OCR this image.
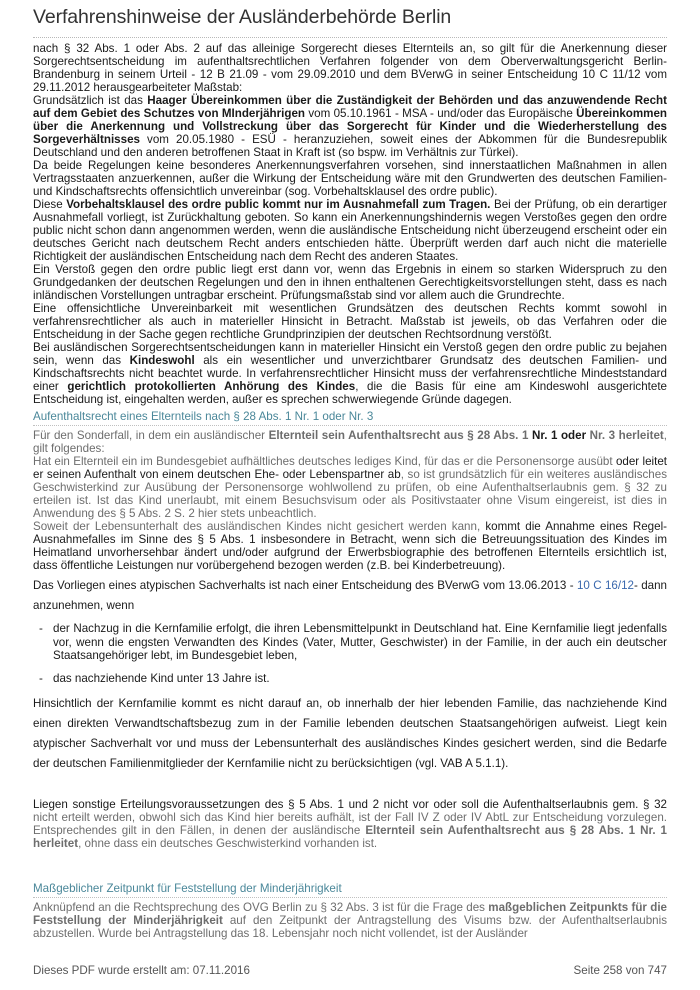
Verfahrenshinweise der Ausländerbehörde Berlin

nach § 32 Abs. 1 oder Abs. 2 auf das alleinige Sorgerecht dieses Elternteils an, so gilt für die Anerkennung dieser Sorgerechtsentscheidung im aufenthaltsrechtlichen Verfahren folgender von dem Oberverwaltungsgericht Berlin-Brandenburg in seinem Urteil - 12 B 21.09 - vom 29.09.2010 und dem BVerwG in seiner Entscheidung 10 C 11/12 vom 29.11.2012 herausgearbeiteter Maßstab:

Grundsätzlich ist das Haager Übereinkommen über die Zuständigkeit der Behörden und das anzuwendende Recht auf dem Gebiet des Schutzes von MInderjährigen vom 05.10.1961 - MSA - und/oder das Europäische Übereinkommen über die Anerkennung und Vollstreckung über das Sorgerecht für Kinder und die Wiederherstellung des Sorgeverhältnisses vom 20.05.1980 - ESÜ - heranzuziehen, soweit eines der Abkommen für die Bundesrepublik Deutschland und den anderen betroffenen Staat in Kraft ist (so bspw. im Verhältnis zur Türkei).

Da beide Regelungen keine besonderes Anerkennungsverfahren vorsehen, sind innerstaatlichen Maßnahmen in allen Vertragsstaaten anzuerkennen, außer die Wirkung der Entscheidung wäre mit den Grundwerten des deutschen Familien- und Kindschaftsrechts offensichtlich unvereinbar (sog. Vorbehaltsklausel des ordre public).

Diese Vorbehaltsklausel des ordre public kommt nur im Ausnahmefall zum Tragen. Bei der Prüfung, ob ein derartiger Ausnahmefall vorliegt, ist Zurückhaltung geboten. So kann ein Anerkennungshindernis wegen Verstoßes gegen den ordre public nicht schon dann angenommen werden, wenn die ausländische Entscheidung nicht überzeugend erscheint oder ein deutsches Gericht nach deutschem Recht anders entschieden hätte. Überprüft werden darf auch nicht die materielle Richtigkeit der ausländischen Entscheidung nach dem Recht des anderen Staates.

Ein Verstoß gegen den ordre public liegt erst dann vor, wenn das Ergebnis in einem so starken Widerspruch zu den Grundgedanken der deutschen Regelungen und den in ihnen enthaltenen Gerechtigkeitsvorstellungen steht, dass es nach inländischen Vorstellungen untragbar erscheint. Prüfungsmaßstab sind vor allem auch die Grundrechte.

Eine offensichtliche Unvereinbarkeit mit wesentlichen Grundsätzen des deutschen Rechts kommt sowohl in verfahrensrechtlicher als auch in materieller Hinsicht in Betracht. Maßstab ist jeweils, ob das Verfahren oder die Entscheidung in der Sache gegen rechtliche Grundprinzipien der deutschen Rechtsordnung verstößt.

Bei ausländischen Sorgerechtsentscheidungen kann in materieller Hinsicht ein Verstoß gegen den ordre public zu bejahen sein, wenn das Kindeswohl als ein wesentlicher und unverzichtbarer Grundsatz des deutschen Familien- und Kindschaftsrechts nicht beachtet wurde. In verfahrensrechtlicher Hinsicht muss der verfahrensrechtliche Mindeststandard einer gerichtlich protokollierten Anhörung des Kindes, die die Basis für eine am Kindeswohl ausgerichtete Entscheidung ist, eingehalten werden, außer es sprechen schwerwiegende Gründe dagegen.

Aufenthaltsrecht eines Elternteils nach § 28 Abs. 1 Nr. 1 oder Nr. 3

Für den Sonderfall, in dem ein ausländischer Elternteil sein Aufenthaltsrecht aus § 28 Abs. 1 Nr. 1 oder Nr. 3 herleitet, gilt folgendes:

Hat ein Elternteil ein im Bundesgebiet aufhältliches deutsches lediges Kind, für das er die Personensorge ausübt oder leitet er seinen Aufenthalt von einem deutschen Ehe- oder Lebenspartner ab, so ist grundsätzlich für ein weiteres ausländisches Geschwisterkind zur Ausübung der Personensorge wohlwollend zu prüfen, ob eine Aufenthaltserlaubnis gem. § 32 zu erteilen ist. Ist das Kind unerlaubt, mit einem Besuchsvisum oder als Positivstaater ohne Visum eingereist, ist dies in Anwendung des § 5 Abs. 2 S. 2 hier stets unbeachtlich.

Soweit der Lebensunterhalt des ausländischen Kindes nicht gesichert werden kann, kommt die Annahme eines Regel-Ausnahmefalles im Sinne des § 5 Abs. 1 insbesondere in Betracht, wenn sich die Betreuungssituation des Kindes im Heimatland unvorhersehbar ändert und/oder aufgrund der Erwerbsbiographie des betroffenen Elternteils ersichtlich ist, dass öffentliche Leistungen nur vorübergehend bezogen werden (z.B. bei Kinderbetreuung).

Das Vorliegen eines atypischen Sachverhalts ist nach einer Entscheidung des BVerwG vom 13.06.2013 - 10 C 16/12- dann anzunehmen, wenn

- der Nachzug in die Kernfamilie erfolgt, die ihren Lebensmittelpunkt in Deutschland hat. Eine Kernfamilie liegt jedenfalls vor, wenn die engsten Verwandten des Kindes (Vater, Mutter, Geschwister) in der Familie, in der auch ein deutscher Staatsangehöriger lebt, im Bundesgebiet leben,
- das nachziehende Kind unter 13 Jahre ist.

Hinsichtlich der Kernfamilie kommt es nicht darauf an, ob innerhalb der hier lebenden Familie, das nachziehende Kind einen direkten Verwandtschaftsbezug zum in der Familie lebenden deutschen Staatsangehörigen aufweist. Liegt kein atypischer Sachverhalt vor und muss der Lebensunterhalt des ausländisches Kindes gesichert werden, sind die Bedarfe der deutschen Familienmitglieder der Kernfamilie nicht zu berücksichtigen (vgl. VAB A 5.1.1).

Liegen sonstige Erteilungsvoraussetzungen des § 5 Abs. 1 und 2 nicht vor oder soll die Aufenthaltserlaubnis gem. § 32 nicht erteilt werden, obwohl sich das Kind hier bereits aufhält, ist der Fall IV Z oder IV AbtL zur Entscheidung vorzulegen. Entsprechendes gilt in den Fällen, in denen der ausländische Elternteil sein Aufenthaltsrecht aus § 28 Abs. 1 Nr. 1 herleitet, ohne dass ein deutsches Geschwisterkind vorhanden ist.

Maßgeblicher Zeitpunkt für Feststellung der Minderjährigkeit

Anknüpfend an die Rechtsprechung des OVG Berlin zu § 32 Abs. 3 ist für die Frage des maßgeblichen Zeitpunkts für die Feststellung der Minderjährigkeit auf den Zeitpunkt der Antragstellung des Visums bzw. der Aufenthaltserlaubnis abzustellen. Wurde bei Antragstellung das 18. Lebensjahr noch nicht vollendet, ist der Ausländer

Dieses PDF wurde erstellt am: 07.11.2016	Seite 258 von 747
